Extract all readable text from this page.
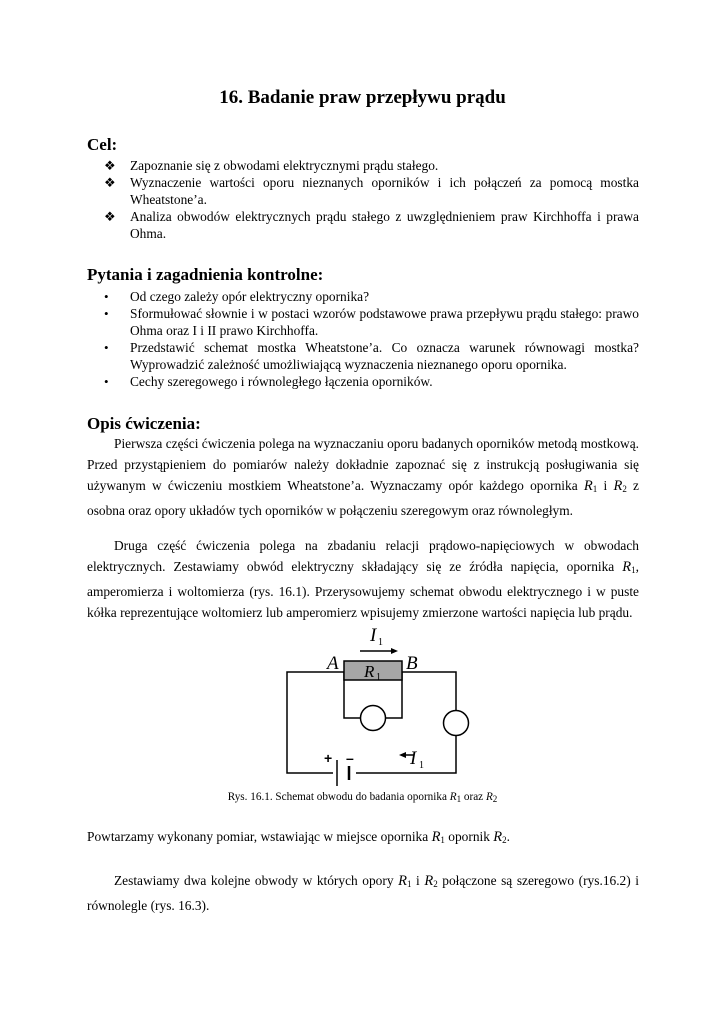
16. Badanie praw przepływu prądu
Cel:
❖ Zapoznanie się z obwodami elektrycznymi prądu stałego.
❖ Wyznaczenie wartości oporu nieznanych oporników i ich połączeń za pomocą mostka Wheatstone’a.
❖ Analiza obwodów elektrycznych prądu stałego z uwzględnieniem praw Kirchhoffa i prawa Ohma.
Pytania i zagadnienia kontrolne:
• Od czego zależy opór elektryczny opornika?
• Sformułować słownie i w postaci wzorów podstawowe prawa przepływu prądu stałego: prawo Ohma oraz I i II prawo Kirchhoffa.
• Przedstawić schemat mostka Wheatstone’a. Co oznacza warunek równowagi mostka? Wyprowadzić zależność umożliwiającą wyznaczenia nieznanego oporu opornika.
• Cechy szeregowego i równoległego łączenia oporników.
Opis ćwiczenia:

Pierwsza części ćwiczenia polega na wyznaczaniu oporu badanych oporników metodą mostkową. Przed przystąpieniem do pomiarów należy dokładnie zapoznać się z instrukcją posługiwania się używanym w ćwiczeniu mostkiem Wheatstone’a. Wyznaczamy opór każdego opornika $R_1$ i $R_2$ z osobna oraz opory układów tych oporników w połączeniu szeregowym oraz równoległym.

Druga część ćwiczenia polega na zbadaniu relacji prądowo-napięciowych w obwodach elektrycznych. Zestawiamy obwód elektryczny składający się ze źródła napięcia, opornika $R_1$, amperomierza i woltomierza (rys. 16.1). Przerysowujemy schemat obwodu elektrycznego i w puste kółka reprezentujące woltomierz lub amperomierz wpisujemy zmierzone wartości napięcia lub prądu.

I
A	B
R
I
1
1
1
+ –
Rys. 16.1. Schemat obwodu do badania opornika $R_1$ oraz $R_2$

Powtarzamy wykonany pomiar, wstawiając w miejsce opornika $R_1$ opornik $R_2$.

Zestawiamy dwa kolejne obwody w których opory $R_1$ i $R_2$ połączone są szeregowo (rys.16.2) i równolegle (rys. 16.3).
